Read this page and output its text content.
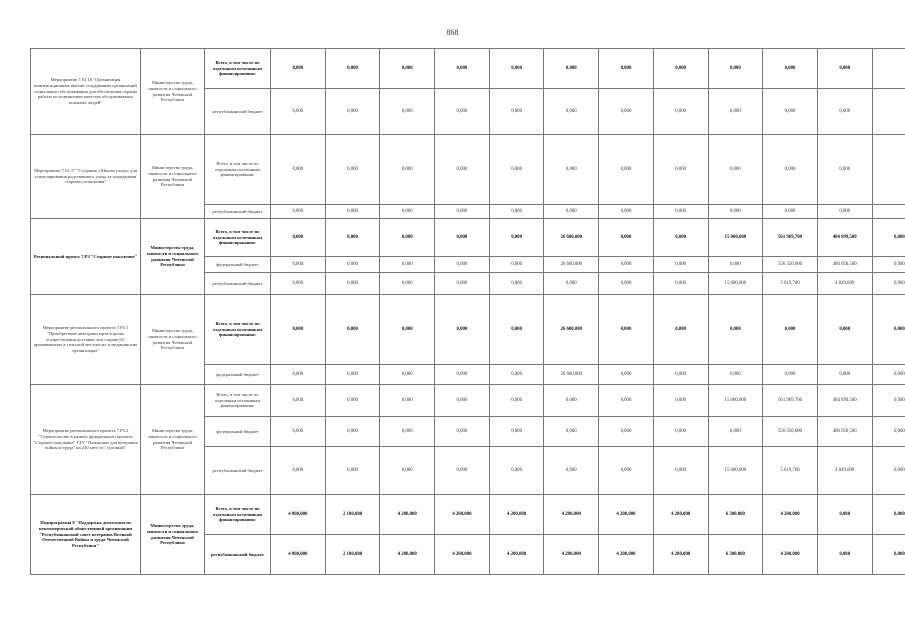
868
Мероприятие 7.01.16 "Организация компенсационных выплат сотрудникам организаций социального обслуживания для обеспечения охраны работы по повышению качества обслуживаемых пожилых людей"	Министерство труда, занятости и социального развития Чеченской Республики	Всего, в том числе по отдельным источникам финансирования:	0,000	0,000	0,000	0,000	0,000	0,000	0,000	0,000	0,000	0,000	0,000	
		республиканский бюджет	0,000	0,000	0,000	0,000	0,000	0,000	0,000	0,000	0,000	0,000	0,000	
Мероприятие 7.01.17 "Создание «Школы ухода» для стимулирования родственного ухода за гражданами старшего поколения"	Министерство труда, занятости и социального развития Чеченской Республики	Всего, в том числе по отдельным источникам финансирования:	0,000	0,000	0,000	0,000	0,000	0,000	0,000	0,000	0,000	0,000	0,000	
		республиканский бюджет	0,000	0,000	0,000	0,000	0,000	0,000	0,000	0,000	0,000	0,000	0,000	
Региональный проект 7.Р3 "Старшее поколение"	Министерство труда, занятости и социального развития Чеченской Республики	Всего, в том числе по отдельным источникам финансирования:	0,000	0,000	0,000	0,000	0,000	26 600,000	0,000	0,000	15 000,000	561 969,700	484 899,500	0,000
		федеральный бюджет	0,000	0,000	0,000	0,000	0,000	26 600,000	0,000	0,000	0,000	556 350,000	480 050,500	0,000
		республиканский бюджет	0,000	0,000	0,000	0,000	0,000	0,000	0,000	0,000	15 000,000	5 619,700	4 849,000	0,000
Мероприятие регионального проекта 7.Р3.1 "Приобретение автотранспорта в целях осуществления доставки лиц старше 65, проживающих в сельской местности, в медицинские организации"	Министерство труда, занятости и социального развития Чеченской Республики	Всего, в том числе по отдельным источникам финансирования:	0,000	0,000	0,000	0,000	0,000	26 600,000	0,000	0,000	0,000	0,000	0,000	0,000
		федеральный бюджет	0,000	0,000	0,000	0,000	0,000	26 600,000	0,000	0,000	0,000	0,000	0,000	0,000
Мероприятие регионального проекта 7.Р3.2 "Строительство в рамках федерального проекта "Старшее поколение" ГБУ "Пансионат для ветеранов войны и труда" на 240 мест в г. Грозный"	Министерство труда, занятости и социального развития Чеченской Республики	Всего, в том числе по отдельным источникам финансирования:	0,000	0,000	0,000	0,000	0,000	0,000	0,000	0,000	15 000,000	561 969,700	484 899,500	0,000
		федеральный бюджет	0,000	0,000	0,000	0,000	0,000	0,000	0,000	0,000	0,000	556 350,000	480 050,500	0,000
		республиканский бюджет	0,000	0,000	0,000	0,000	0,000	0,000	0,000	0,000	15 000,000	5 619,700	4 849,000	0,000
Подпрограмма 8 "Поддержка деятельности некоммерческой общественной организации "Республиканский совет ветеранов Великой Отечественной Войны и труда Чеченской Республики"	Министерство труда, занятости и социального развития Чеченской Республики	Всего, в том числе по отдельным источникам финансирования:	4 000,000	2 100,000	4 200,000	4 200,000	4 200,000	4 200,000	4 200,000	4 200,000	6 300,000	4 200,000	0,000	0,000
		республиканский бюджет	4 000,000	2 100,000	4 200,000	4 200,000	4 200,000	4 200,000	4 200,000	4 200,000	6 300,000	4 200,000	0,000	0,000
